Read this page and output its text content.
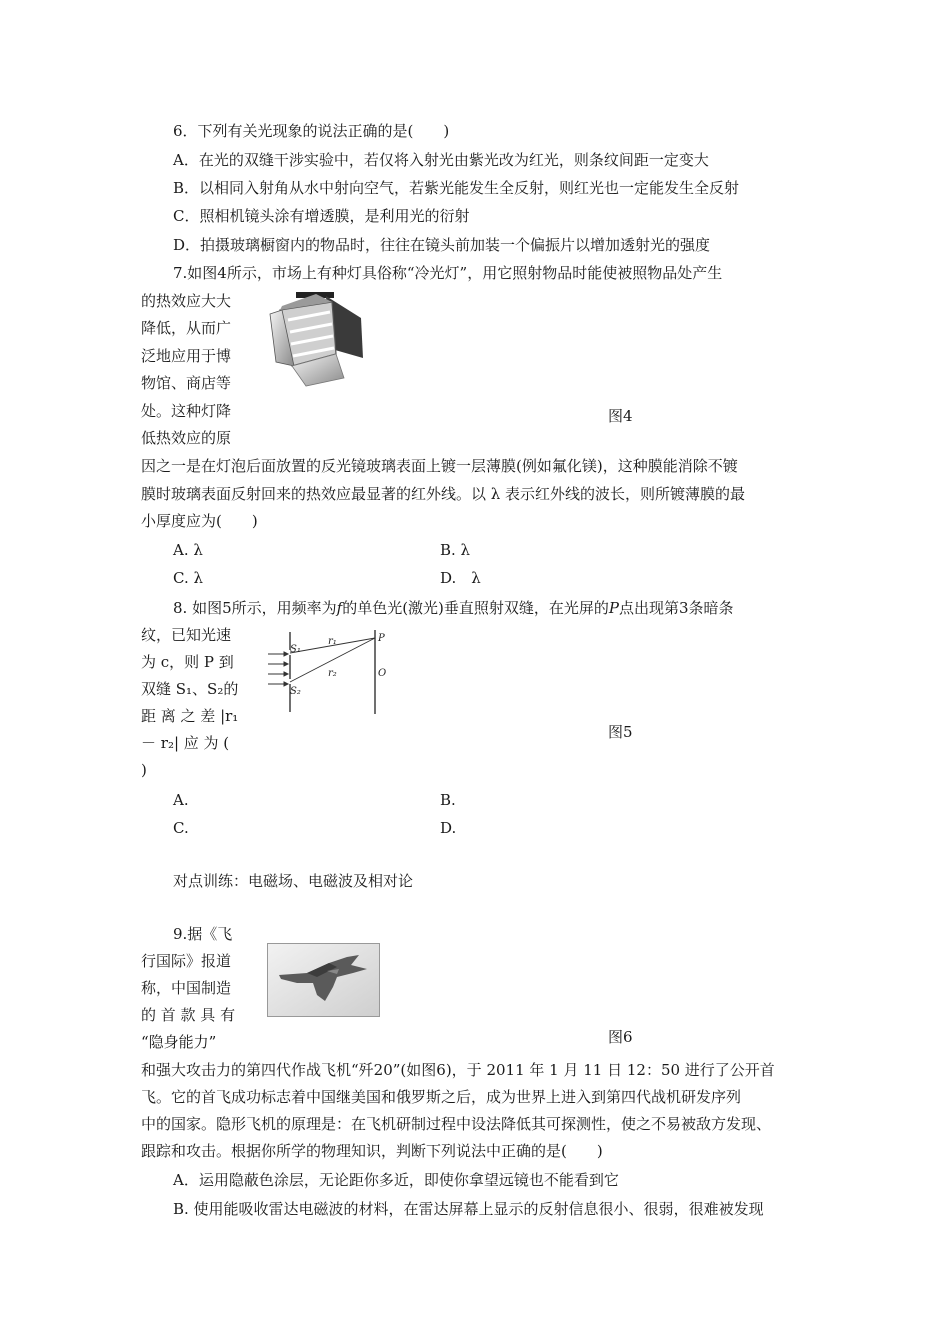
6．下列有关光现象的说法正确的是(　　)
A．在光的双缝干涉实验中，若仅将入射光由紫光改为红光，则条纹间距一定变大
B．以相同入射角从水中射向空气，若紫光能发生全反射，则红光也一定能发生全反射
C．照相机镜头涂有增透膜，是利用光的衍射
D．拍摄玻璃橱窗内的物品时，往往在镜头前加装一个偏振片以增加透射光的强度
7.如图4所示，市场上有种灯具俗称“冷光灯”，用它照射物品时能使被照物品处产生
的热效应大大
降低，从而广
泛地应用于博
物馆、商店等
处。这种灯降
低热效应的原
图4
因之一是在灯泡后面放置的反光镜玻璃表面上镀一层薄膜(例如氟化镁)，这种膜能消除不镀
膜时玻璃表面反射回来的热效应最显著的红外线。以 λ 表示红外线的波长，则所镀薄膜的最
小厚度应为(　　)
A. λ	B. λ
C. λ	D.　λ
8. 如图5所示，用频率为f的单色光(激光)垂直照射双缝，在光屏的P点出现第3条暗条
纹，已知光速
为 c，则 P 到
双缝 S₁、S₂的
距 离 之 差 |r₁
－ r₂| 应 为 (
)
S₁
S₂
r₁
r₂
P
O
图5
A.	B.
C.	D.
对点训练：电磁场、电磁波及相对论
9.据《飞
行国际》报道
称，中国制造
的 首 款 具 有
“隐身能力”	图6
和强大攻击力的第四代作战飞机“歼20”(如图6)，于 2011 年 1 月 11 日 12：50 进行了公开首
飞。它的首飞成功标志着中国继美国和俄罗斯之后，成为世界上进入到第四代战机研发序列
中的国家。隐形飞机的原理是：在飞机研制过程中设法降低其可探测性，使之不易被敌方发现、
跟踪和攻击。根据你所学的物理知识，判断下列说法中正确的是(　　)
A．运用隐蔽色涂层，无论距你多近，即使你拿望远镜也不能看到它
B. 使用能吸收雷达电磁波的材料，在雷达屏幕上显示的反射信息很小、很弱，很难被发现
